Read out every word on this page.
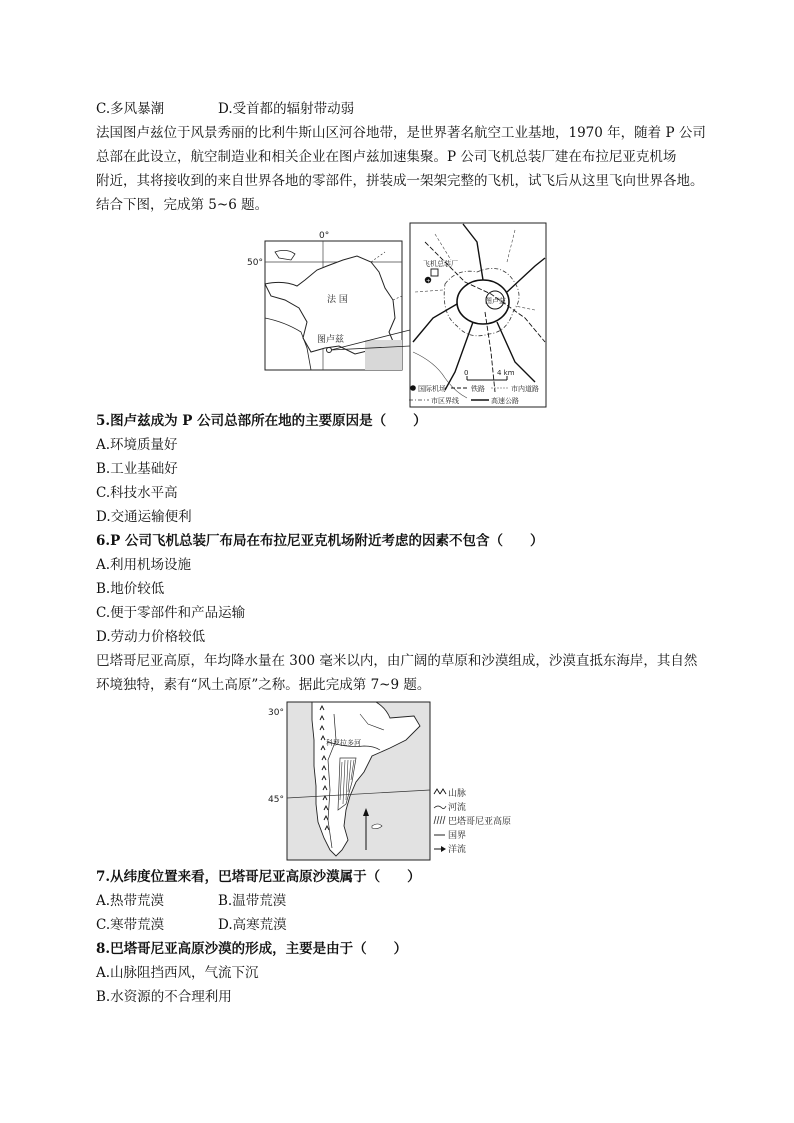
C.多风暴潮	D.受首都的辐射带动弱
法国图卢兹位于风景秀丽的比利牛斯山区河谷地带，是世界著名航空工业基地，1970 年，随着 P 公司
总部在此设立，航空制造业和相关企业在图卢兹加速集聚。P 公司飞机总装厂建在布拉尼亚克机场
附近，其将接收到的来自世界各地的零部件，拼装成一架架完整的飞机，试飞后从这里飞向世界各地。
结合下图，完成第 5~6 题。
50°
0°
法 国
图卢兹
飞机总装厂
+
图卢兹
0	4 km
国际机场	铁路	市内道路
市区界线	高速公路
5.图卢兹成为 P 公司总部所在地的主要原因是（　　）
A.环境质量好
B.工业基础好
C.科技水平高
D.交通运输便利
6.P 公司飞机总装厂布局在布拉尼亚克机场附近考虑的因素不包含（　　）
A.利用机场设施
B.地价较低
C.便于零部件和产品运输
D.劳动力价格较低
巴塔哥尼亚高原，年均降水量在 300 毫米以内，由广阔的草原和沙漠组成，沙漠直抵东海岸，其自然
环境独特，素有“风土高原”之称。据此完成第 7~9 题。
30°
45°
科罗拉多河
山脉
河流
巴塔哥尼亚高原
国界
洋流
7.从纬度位置来看，巴塔哥尼亚高原沙漠属于（　　）
A.热带荒漠	B.温带荒漠
C.寒带荒漠	D.高寒荒漠
8.巴塔哥尼亚高原沙漠的形成，主要是由于（　　）
A.山脉阻挡西风，气流下沉
B.水资源的不合理利用
